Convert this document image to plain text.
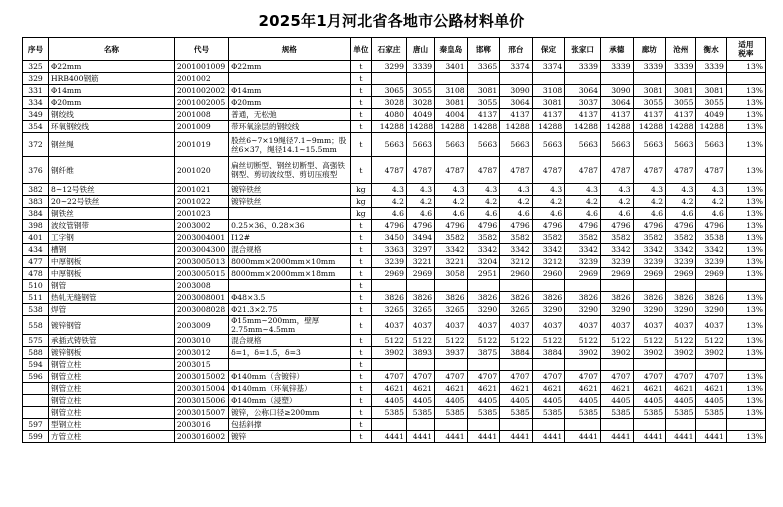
2025年1月河北省各地市公路材料单价
序号	名称	代号	规格	单位	石家庄	唐山	秦皇岛	邯郸	邢台	保定	张家口	承德	廊坊	沧州	衡水	适用
税率
325	Φ22mm	2001001009	Φ22mm	t	3299	3339	3401	3365	3374	3374	3339	3339	3339	3339	3339	13%
329	HRB400钢筋	2001002		t												
331	Φ14mm	2001002002	Φ14mm	t	3065	3055	3108	3081	3090	3108	3064	3090	3081	3081	3081	13%
334	Φ20mm	2001002005	Φ20mm	t	3028	3028	3081	3055	3064	3081	3037	3064	3055	3055	3055	13%
349	钢绞线	2001008	普通，无松弛	t	4080	4049	4004	4137	4137	4137	4137	4137	4137	4137	4049	13%
354	环氧钢绞线	2001009	带环氧涂层的钢绞线	t	14288	14288	14288	14288	14288	14288	14288	14288	14288	14288	14288	13%
372	钢丝绳	2001019	股丝6~7×19绳径7.1~9mm；股丝6×37，绳径14.1~15.5mm	t	5663	5663	5663	5663	5663	5663	5663	5663	5663	5663	5663	13%
376	钢纤维	2001020	扁丝切断型、钢丝切断型、高强铁钢型、剪切波纹型、剪切压痕型	t	4787	4787	4787	4787	4787	4787	4787	4787	4787	4787	4787	13%
382	8~12号铁丝	2001021	镀锌铁丝	kg	4.3	4.3	4.3	4.3	4.3	4.3	4.3	4.3	4.3	4.3	4.3	13%
383	20~22号铁丝	2001022	镀锌铁丝	kg	4.2	4.2	4.2	4.2	4.2	4.2	4.2	4.2	4.2	4.2	4.2	13%
384	铜铁丝	2001023		kg	4.6	4.6	4.6	4.6	4.6	4.6	4.6	4.6	4.6	4.6	4.6	13%
398	波纹管钢带	2003002	0.25×36、0.28×36	t	4796	4796	4796	4796	4796	4796	4796	4796	4796	4796	4796	13%
401	工字钢	2003004001	I12#	t	3450	3494	3582	3582	3582	3582	3582	3582	3582	3582	3538	13%
434	槽钢	2003004300	混合规格	t	3363	3297	3342	3342	3342	3342	3342	3342	3342	3342	3342	13%
477	中厚钢板	2003005013	8000mm×2000mm×10mm	t	3239	3221	3221	3204	3212	3212	3239	3239	3239	3239	3239	13%
478	中厚钢板	2003005015	8000mm×2000mm×18mm	t	2969	2969	3058	2951	2960	2960	2969	2969	2969	2969	2969	13%
510	钢管	2003008		t												
511	热轧无缝钢管	2003008001	Φ48×3.5	t	3826	3826	3826	3826	3826	3826	3826	3826	3826	3826	3826	13%
538	焊管	2003008028	Φ21.3×2.75	t	3265	3265	3265	3290	3265	3290	3290	3290	3290	3290	3290	13%
558	镀锌钢管	2003009	Φ15mm~200mm，壁厚2.75mm~4.5mm	t	4037	4037	4037	4037	4037	4037	4037	4037	4037	4037	4037	13%
575	承插式铸铁管	2003010	混合规格	t	5122	5122	5122	5122	5122	5122	5122	5122	5122	5122	5122	13%
588	镀锌钢板	2003012	δ=1，δ=1.5，δ=3	t	3902	3893	3937	3875	3884	3884	3902	3902	3902	3902	3902	13%
594	钢管立柱	2003015		t												
596	钢管立柱	2003015002	Φ140mm（含镀锌）	t	4707	4707	4707	4707	4707	4707	4707	4707	4707	4707	4707	13%
	钢管立柱	2003015004	Φ140mm（环氧锌基）	t	4621	4621	4621	4621	4621	4621	4621	4621	4621	4621	4621	13%
	钢管立柱	2003015006	Φ140mm（浸塑）	t	4405	4405	4405	4405	4405	4405	4405	4405	4405	4405	4405	13%
	钢管立柱	2003015007	镀锌，公称口径≥200mm	t	5385	5385	5385	5385	5385	5385	5385	5385	5385	5385	5385	13%
597	型钢立柱	2003016	包括斜撑	t												
599	方管立柱	2003016002	镀锌	t	4441	4441	4441	4441	4441	4441	4441	4441	4441	4441	4441	13%
